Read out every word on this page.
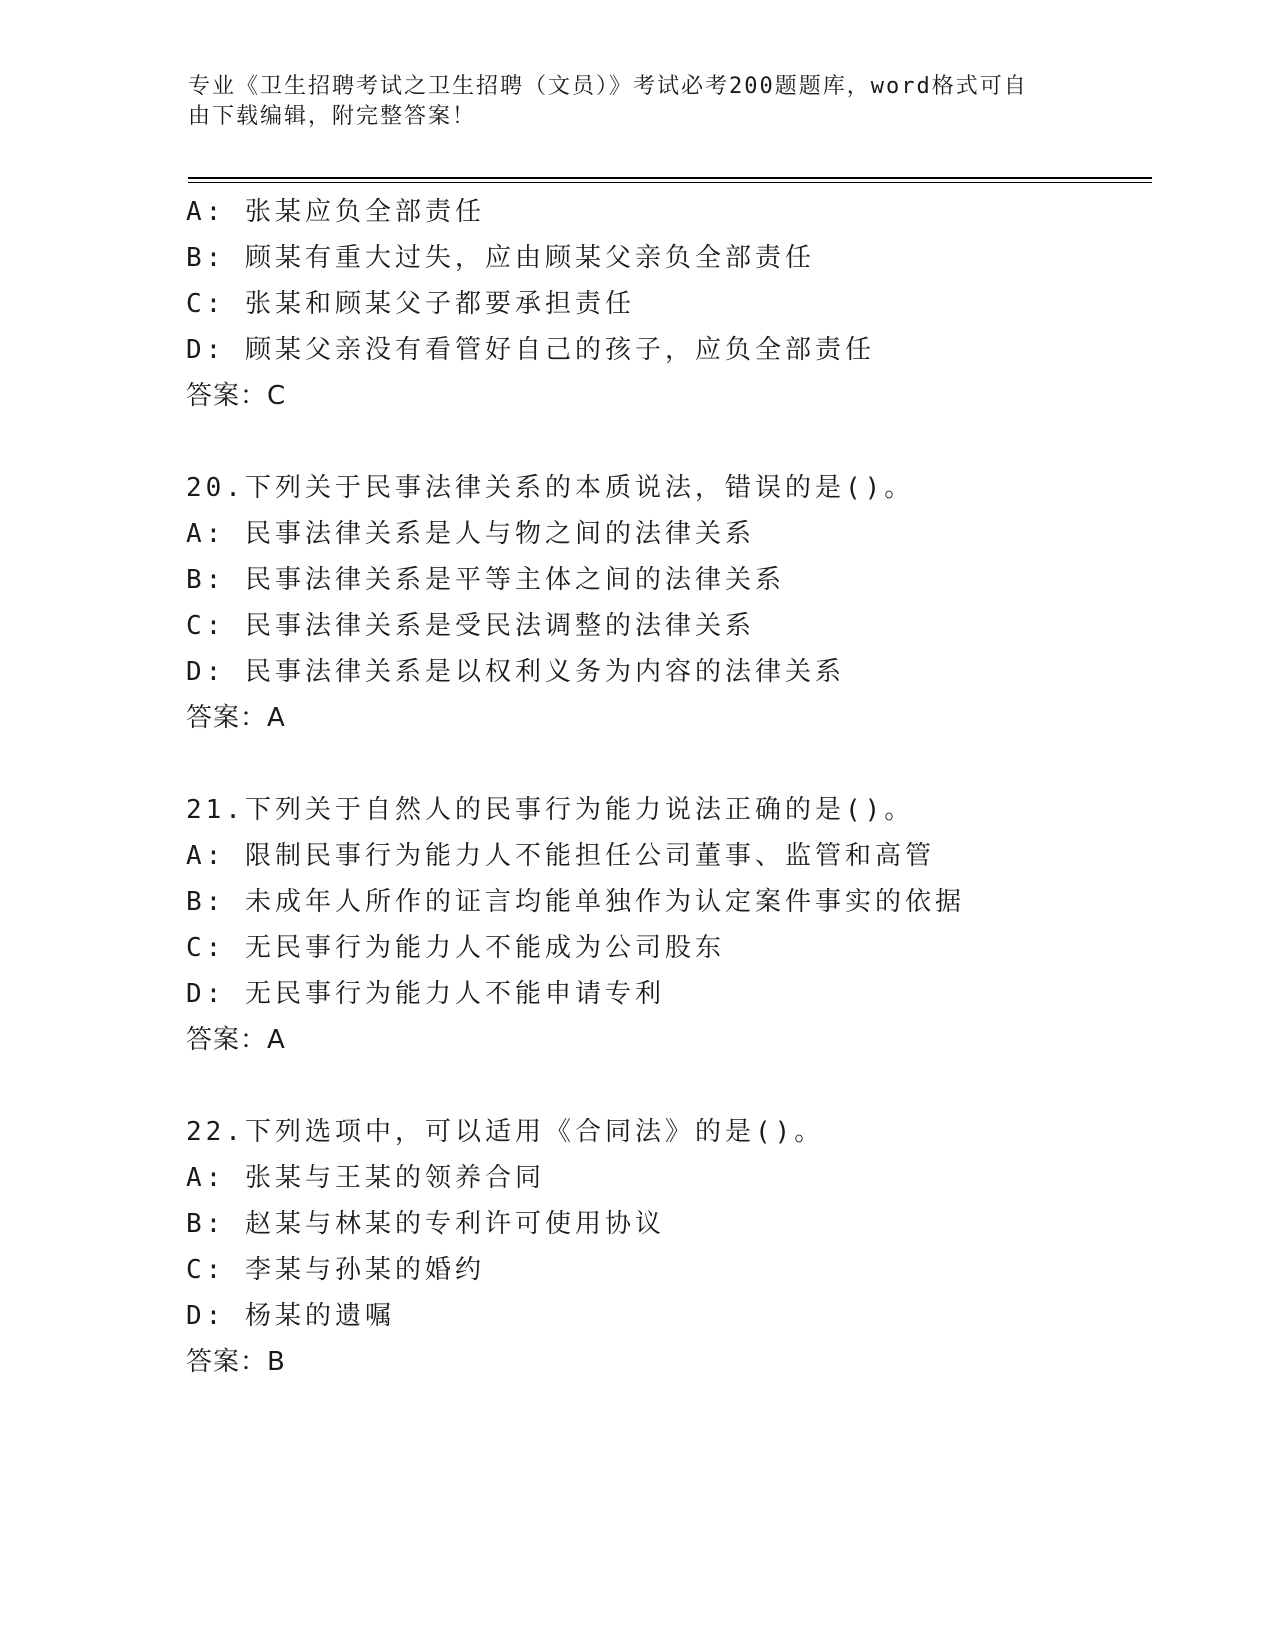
专业《卫生招聘考试之卫生招聘（文员）》考试必考200题题库，word格式可自
由下载编辑，附完整答案！
A: 张某应负全部责任
B: 顾某有重大过失，应由顾某父亲负全部责任
C: 张某和顾某父子都要承担责任
D: 顾某父亲没有看管好自己的孩子，应负全部责任
答案：C
20.下列关于民事法律关系的本质说法，错误的是()。
A: 民事法律关系是人与物之间的法律关系
B: 民事法律关系是平等主体之间的法律关系
C: 民事法律关系是受民法调整的法律关系
D: 民事法律关系是以权利义务为内容的法律关系
答案：A
21.下列关于自然人的民事行为能力说法正确的是()。
A: 限制民事行为能力人不能担任公司董事、监管和高管
B: 未成年人所作的证言均能单独作为认定案件事实的依据
C: 无民事行为能力人不能成为公司股东
D: 无民事行为能力人不能申请专利
答案：A
22.下列选项中，可以适用《合同法》的是()。
A: 张某与王某的领养合同
B: 赵某与林某的专利许可使用协议
C: 李某与孙某的婚约
D: 杨某的遗嘱
答案：B
